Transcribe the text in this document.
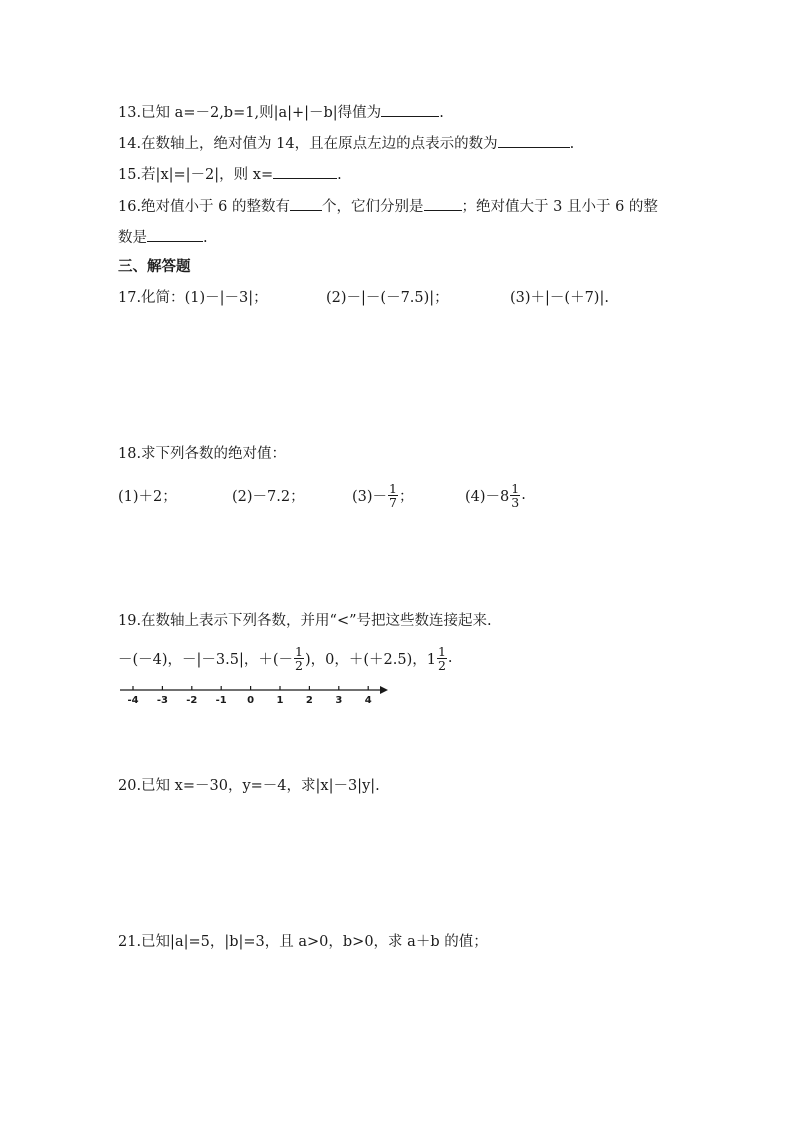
13.已知 a=－2,b=1,则|a|+|－b|得值为	.
14.在数轴上，绝对值为 14，且在原点左边的点表示的数为	.
15.若|x|=|－2|，则 x=	.
16.绝对值小于 6 的整数有 个，它们分别是	；绝对值大于 3 且小于 6 的整
数是	.
三、解答题
17.化简：(1)－|－3|；	(2)－|－(－7.5)|；	(3)＋|－(＋7)|.
18.求下列各数的绝对值：
(1)＋2；	(2)－7.2；	$(3)- \frac{1}{7}$ ；	$(4)-8 \frac{1}{3}$ .
19.在数轴上表示下列各数，并用“<”号把这些数连接起来.
－(－4)，－|－3.5|，＋(－ $\frac{1}{2}$ )，0，＋(＋2.5)，$1 \frac{1}{2}$ .
-4 -3 -2 -1 0 1 2 3 4
20.已知 x=－30，y=－4，求|x|－3|y|.
21.已知|a|=5，|b|=3，且 a>0，b>0，求 a＋b 的值；
